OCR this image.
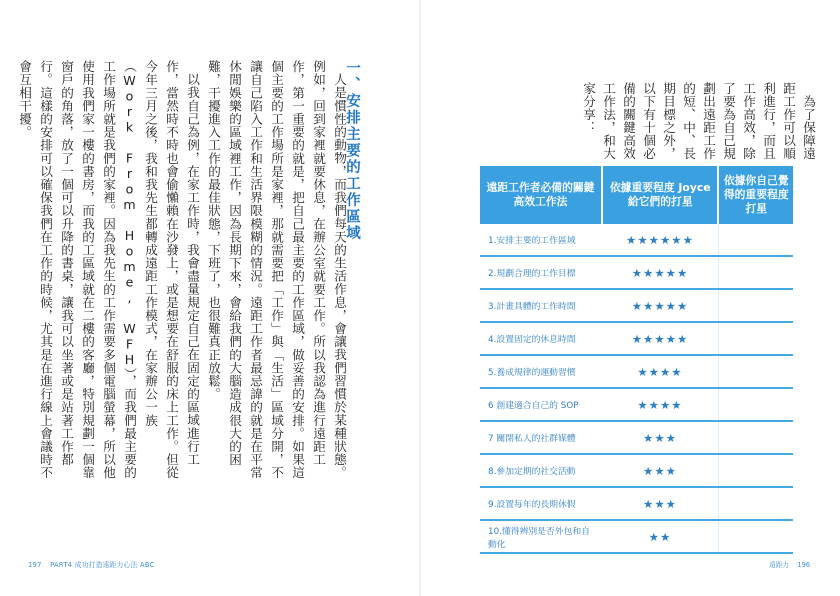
一、安排主要的工作區域

人是慣性的動物，而我們每天的生活作息，會讓我們習慣於某種狀態。例如，回到家裡就要休息，在辦公室就要工作。所以我認為進行遠距工作，第一重要的就是，把自己最主要的工作區域，做妥善的安排。如果這個主要的工作場所是家裡，那就需要把「工作」與「生活」區域分開，不讓自己陷入工作和生活界限模糊的情況。遠距工作者最忌諱的就是在平常休閒娛樂的區域裡工作，因為長期下來，會給我們的大腦造成很大的困難，干擾進入工作的最佳狀態，下班了，也很難真正放鬆。

以我自己為例，在家工作時，我會盡量規定自己在固定的區域進行工作，當然時不時也會偷懶賴在沙發上，或是想要在舒服的床上工作。但從今年三月之後，我和我先生都轉成遠距工作模式，在家辦公一族（Work From Home, WFH），而我們最主要的工作場所就是我們的家裡。因為我先生的工作需要多個電腦螢幕，所以他使用我們家一樓的書房，而我的工區域就在二樓的客廳，特別規劃一個靠窗戶的角落，放了一個可以升降的書桌，讓我可以坐著或是站著工作都行。這樣的安排可以確保我們在工作的時候，尤其是在進行線上會議時不會互相干擾。

197 PART4 成功打造遠距力心法 ABC

為了保障遠距工作可以順利進行，而且工作高效，除了要為自己規劃出遠距工作的短、中、長期目標之外，以下有十個必備的關鍵高效工作法，和大家分享：

遠距力 196
遠距工作者必備的關鍵高效工作法	依據重要程度 Joyce 給它們的打星	依據你自己覺得的重要程度打星
1.安排主要的工作區域	★★★★★★	
2.規劃合理的工作目標	★★★★★	
3.計畫具體的工作時間	★★★★★	
4.設置固定的休息時間	★★★★★	
5.養成規律的運動習慣	★★★★	
6 創建適合自己的 SOP	★★★★	
7 關閉私人的社群媒體	★★★	
8.參加定期的社交活動	★★★	
9.設置每年的長期休假	★★★	
10.懂得辨別是否外包和自動化	★★	
